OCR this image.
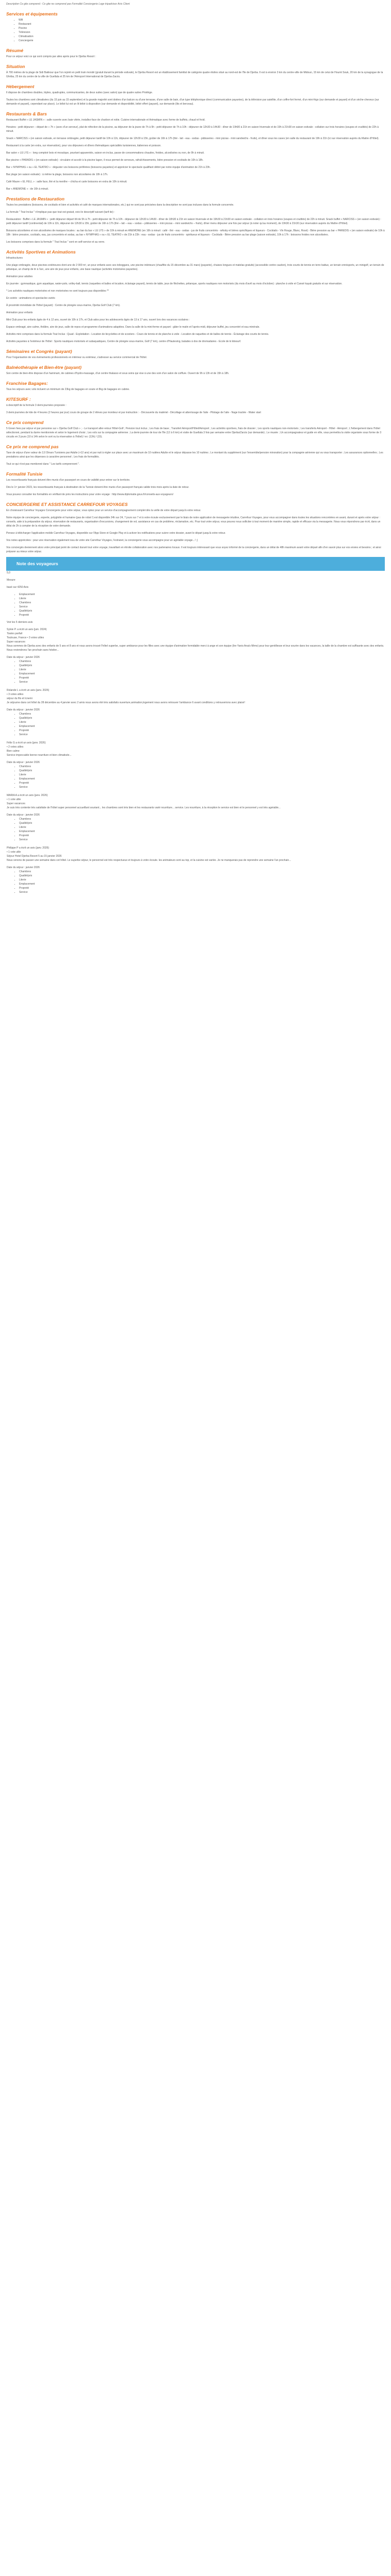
Description Ce gite comprend : Ce gite ne comprend pas Formalité Conciergerie Loge tripadvisor Avis Client

Services et équipements
• Wifi
• Restaurant
• Piscine
• Télévision
• Climatisation
• Conciergerie
Résumé

Pour ce séjour voici ce qui sont compris par ailes après pour le Djerba Resort :

Situation

À 700 mètres de la plage de Sidi Bakkour que l'on rejoint en petit train mondé (gratuit durant la période estivale), le Djerba Resort est un établissement familial de catégorie quatre étoiles situé au nord-est de l'île de Djerba. Il est à environ 3 km du centre-ville de Midoun, 15 km de celui de Houmt Souk, 20 km de la synagogue de la Ghriba, 25 km du centre de la ville de Guellala et 25 km de l'Aéroport International de Djerba-Zarzis.

Hébergement

Il dispose de chambres doubles, triples, quadruples, communicantes, de deux suites (avec salon) que de quatre suites Privilège.

Toutes les chambres sont climatisées (du 15 juin au 15 septembre) et la grande majorité sont dotées d'un balcon ou d'une terrasse, d'une salle de bain, d'un type téléphonique direct (communication payantes), de la télévision par satellite, d'un coffre-fort fermé, d'un mini-frigo (sur demande et payant) et d'un sèche-cheveux (sur demande et payant), cependant sur place). Le bébé lui est un lit bébé à disposition (sur demande et disponibilité, bébé offert (payant), sur demande (lits et berceau).

Restaurants & Bars

Restaurant Buffet « LE JASMIN » : salle ouverte avec baie vitrée, installez-face de charbon et roitie. Cuisine internationale et thématique avec forme de buffets, chaud et froid.

Horaires : petit déjeuner – départ de « 7h » (avec d'un serveur), plat de réfection de la piscine, au déjeuner de la jeune de 7h à 9h - petit déjeuner de 7h à 10h - déjeuner de 12h30 à 14h30 - dîner de 19h00 à 21h en saison hivernale et de 19h à 21h30 en saison estivale - collation sur trois horaires (soupes et crudités) de 22h à minuit.

Snack « NARCISS » (en saison estivale, en terrasse ombragée, petit déjeuner tardif de 10h à 11h, déjeuner de 12h30 à 15h, goûter de 16h à 17h (thé - lait - eau - sodas - pâtisseries - mini pizzas - mini sandwichs - fruits), et dîner sous les cases (en salle du restaurant de 19h à 21h (ici sur réservation auprès du Maitre d'Hôtel).

Restaurant à la carte (en extra, sur réservation), pour vos déjeuners et dîners thématiques spécialités tunisiennes, italiennes et poisson.

Bar salon « LE LYS » : long comptoir bois et mosaïque, pourtant apparentés, saison en inclus, passe de consommations chaudes, froides, alcoolisées ou non, de 9h à minuit.

Bar piscine « PARADIS » (en saison estivale) : circulaire et accolé à la piscine lagon, il nous permet de serveurs, rafraîchissements, bière pression et cocktails de 10h à 18h.

Bar « NYMPHAS » ou « EL TEATRO » : déguster vos boissons préférées (boissons payantes) et apprécier le spectacle qualifiant détiré par notre équipe d'animation de 21h à 23h.

Bar plage (en saison estivale) : à même la plage, boissons non alcoolisées de 10h à 17h.

Café Maure « EL FELL » : salle face, thé et la menthe – chicha et carte boissons en extra de 10h à minuit.

Bar « ANEMONE » : de 16h à minuit.

Prestations de Restauration

Toutes les prestations (boissons, de cocktails et bien et activités et café de marques internationales, etc.) qui ne sont pas précisées dans la description ne sont pas incluses dans la formule concernée.

La formule " Tout Inclus " n'implique pas que tout est gratuit, voici le descriptif suivant (tarif de) :

Restauration : Buffet « LE JASMIN » : petit déjeuner départ tôt de 5h à 7h - petit déjeuner de 7h à 10h - déjeuner de 12h30 à 14h30 - dîner de 18h30 à 21h en saison hivernale et de 19h30 à 21h30 en saison estivale - collation en trois horaires (soupes et crudités) de 22h à minuit. Snack buffet « NARCISS » (en saison estivale) : petit déjeuner tardif (continental) de 10h à 11h, déjeuner de 12h30 à 15h, goûter de 16h à 17h (thé – lait – eau – sodas – pâtisseries – mini pizzas – mini sandwichs – fruits), dîner menu déjeuner une fois par séjour (à noter qu'au moment), de 19h30 à 21h30 (sur réservation auprès du Maître d'Hôtel).

Boissons alcoolisées et non alcoolisées de marques locales : au bar du bar « LE LYS » de 10h à minuit en ANEMONE (en 16h à minuit : café - thé - eau - sodas - jus de fruits concentrés - whisky et bières spécifiques et liqueurs - Cocktails - Vin Rouge, Blanc, Rosé) - Bière pression au bar « PAREDIS » (en saison estivale) de 10h à 18h : bière pression, cocktails, eau, jus concentrés et sodas, au bar « NYMPHAS » ou « EL TEATRO » de 21h à 23h : eau - sodas - jus de fruits concentrés - spiritueux et liqueurs - Cocktails - Bière pression au bar plage (saison estivale), 10h à 17h : boissons froides non alcoolisées.

Les boissons comprises dans la formule " Tout Inclus " sont en self-service et au verre.

Activités Sportives et Animations

Infrastructures

Une plage ombragée, deux piscines extérieures dont une de 2 000 m², un pour enfants avec ses toboggans, une piscine intérieure (chauffée du 15 décembre au 31 mars) (payante), chaises longues et matelas gratuits) (accessible contre caution), trois courts de tennis en terre battue, un terrain omnisports, un minigolf, un terrain de pétanque, un champ de tir à l'arc, une aire de jeux pour enfants, une base nautique (activités motorisées payantes).

Animation pour adultes

En journée : gymnastique, gym aquatique, water-polo, volley-ball, tennis (raquettes et balles et location, éclairage payant), tennis de table, jeux de fléchettes, pétanque, sports nautiques non motorisés (du mois d'avril au mois d'octobre) : planche à voile et Canoë kayak gratuits et sur réservation.

* Les activités nautiques motorisées et non motorisées ne sont toujours pas disponibles **

En soirée : animations et spectacles variés

À proximité immédiate de l'hôtel (payant) : Centre de plongée sous-marine, Djerba Golf Club (7 km).

Animation pour enfants

Mini Club pour les enfants âgés de 4 à 12 ans, ouvert de 10h à 17h, et Club ados pour les adolescents âgés de 13 à 17 ans, ouvert lors des vacances scolaires :

Espace ombragé, aire calme, théâtre, aire de jeux, salle de repos et programme d'animations adaptées. Dans la salle de la mini-ferme et payant : gâter le matin et l'après-midi, déjeuner buffet, jeu concentré et eau minérale.

Activités mini comprises dans la formule Tout Inclus : Quad - Exploitation - Location de bicyclettes et de scooters - Cours de tennis et de planche à voile - Location de raquettes et de balles de tennis - Éclairage des courts de tennis.

Activités payantes à l'extérieur de l'hôtel : Sports nautiques motorisés et subaquatiques, Centre de plongée sous-marine, Golf (7 km), centre d'Hautesing, balades à dos de dromadaires - Ecole de ki kitesurf.

Séminaires et Congrès (payant)

Pour l'organisation de vos événements professionnels en intérieur ou extérieur, s'adresser au service commercial de l'hôtel.

Balnéothérapie et Bien-être (payant)

Son centre de bien-être dispose d'un hammam, de cabines d'hydro-massage, d'un centre thalasso et sous soins qui vise à une des soin d'un salon de coiffure. Ouvert de 9h à 13h et de 15h à 18h.

Franchise Bagages:

Tous les séjours avec vols incluent un minimum de 23kg de bagages en soute et 8kg de bagages en cabine.

KITESURF :

à descriptif de la formule 3 demi-journées proposée :

3 demi-journées de kite de 4 heures (2 heures par jour) cours de groupe de 2 élèves par moniteur et par instruction : - Découverte du matériel - Décollage et atterrissage de l'aile - Pilotage de l'aile - Nage tractée - Water start

Ce prix comprend

5 Green fees par séjour et par personne sur « Djerba Golf Club » ; - Le transport aller-retour Hôtel-Golf ; Pension tout inclus ; Les frais de base ; Transfert Aéroport/Hôtel/Aéroport ; Les activités sportives, frais de dossier ; Les sports nautiques non-motorisés ; Les transferts Aéroport - Hôtel - Aéroport ; L'hébergement dans l'hôtel sélectionné, pendant la durée mentionnée et selon le logement choisi ; Les vols sur la compagnie aérienne ; La demi-journée de tour de l'île (12 à 6 km) et visite de Guellala 3 fois par semaine entre Djerba/Zarzis (sur demande) ; Le musée ; Un accompagnateur et guide en ville, vous permettra la visite organisée sous forme de 3 circuits en 3 jours (10 à 14h selon le sort ou la réservation à l'hôtel) / ex: (13h) / (15).

Ce prix ne comprend pas

Taxe de séjour d'une valeur de 2,0 Dinars Tunisiens par Adulte (+12 ans) et par nuit à régler sur place avec un maximum de 10 nuitées Adulte et le séjour dépasse les 10 nuitées ; Le montant du supplément (sur l'ensemble/pension minoration) pour la compagnie aérienne qui va vous transporter ; Les assurances optionnelles ; Les prestations ainsi que les dépenses à caractère personnel ; Les frais de formalités.

Tout ce qui n'est pas mentionné dans " Les tarifs comprennent ".

Formalité Tunisie

Les ressortissants français doivent être munis d'un passeport en cours de validité pour entrer sur le territoire.

Dès le 1ᵉʳ janvier 2023, les ressortissants français à destination de la Tunisie doivent être munis d'un passeport français valide trois mois après la date de retour.

Vous pouvez consulter les formalités en vérifiant de près les instructions pour votre voyage : http://www.diplomatie.gouv.fr/conseils-aux-voyageurs/

CONCIERGERIE ET ASSISTANCE CARREFOUR VOYAGES

En choisissant Carrefour Voyages Conciergerie pour votre séjour, vous optez pour un service d'accompagnement complet dès la veille de votre départ jusqu'à votre retour.

Notre équipe de conciergerie, experte, polyglotte et humaine (pas de robot !) est disponible 24h sur 24, 7 jours sur 7 et à votre écoute exclusivement par le biais de notre application de messagerie intuitive, Carrefour Voyages, pour vous accompagner dans toutes les situations rencontrées en avant, durant et après votre séjour : conseils, aide à la préparation du séjour, réservation de restaurants, organisation d'excursions, changement de vol, assistance en cas de problème, réclamation, etc. Pour tout votre séjour, vous pouvez nous solliciter à tout moment de manière simple, rapide et efficace via la messagerie. Nous vous répondrons par écrit, dans un délai de 2h à compter de la réception de votre demande.

Pensez à télécharger l'application mobile Carrefour Voyages, disponible sur l'App Store et Google Play et à activer les notifications pour suivre votre dossier, avant le départ jusqu'à votre retour.

Vos notes appréciées : pour une réservation également issu de votre site Carrefour Voyages, l'extranet, la conciergerie vous accompagne pour un agréable voyage...! ;)

Vos conciergés deviennent alors votre principal point de contact durant tout votre voyage, travaillant en étroite collaboration avec nos partenaires locaux. Il est toujours intéressant que vous soyez informé de la conciergerie, dans un délai de 48h maximum avant votre départ afin d'en savoir plus sur vos envies et besoins ; et ainsi préparer au mieux votre séjour.

Note des voyageurs

5,0

Mesure

basé sur 4250 Avis

• Emplacement
• Literie
• Chambres
• Service
• Qualité/prix
• Propreté

Voir les 5 derniers avis

Sylvie P. a écrit un avis (juin. 2024)

Toutes parfait

Toulouse, France • 3 votes utiles

Super vacances

Nous sommes de Djerba avec des enfants de 5 ans et 8 ans et nous avons trouvé l'hôtel superbe, super ambiance pour les filles avec une équipe d'animation formidable merci à ange et son équipe (lire Yanis Anaïs Mimo) pour leur gentillesse et leur sourire dans les vacances, la taille de la chambre est suffisante avec des enfants. Nous reviendrons l'an prochain sans hésiter...

Date du séjour : janvier 2026

• Chambres
• Qualité/prix
• Literie
• Emplacement
• Propreté
• Service

Rolande L a écrit un avis (janv. 2026)

• 3 votes utiles

séjour du fils et Icnemi

Je séjourne dans cet hôtel du 28 décembre au 4 janvier avec 2 amis nous avons été très satisfaits ouverture,animation,logement nous avons retrouver l'ambiance 6 avant conditions y retrouverions avec plaisir!

Date du séjour : janvier 2026

• Chambres
• Qualité/prix
• Literie
• Emplacement
• Propreté
• Service

Félix G a écrit un avis (janv. 2026)

• 2 votes utiles

Bien calme

Service impeccable bonne nourriture et bien climatisée...

Date du séjour : janvier 2026

• Chambres
• Qualité/prix
• Literie
• Emplacement
• Propreté
• Service

MARIA A a écrit un avis (janv. 2026)

• 1 vote utile

Super vacances

Je suis très contente très satisfaite de l'hôtel super personnel accueillant souriant... les chambres sont très bien et les restaurants varié nourriture... service. Les nourriture, à la réception le service est bien et le personnel y est très agréable...

Date du séjour : janvier 2026

• Chambres
• Qualité/prix
• Literie
• Emplacement
• Propreté
• Service

Philippe P a écrit un avis (janv. 2026)

• 1 vote utile

Séjour Hotel Djerba Resort 5 au 15 janvier 2026

Nous venons de passer une semaine dans cet hôtel. Le superbe séjour, le personnel est très respectueux et toujours à votre écoute. les animateurs sont au top, et la cuisine est variée. Je ne manquerais pas de reprendre une semaine l'an prochain...

Date du séjour : janvier 2026

• Chambres
• Qualité/prix
• Literie
• Emplacement
• Propreté
• Service
